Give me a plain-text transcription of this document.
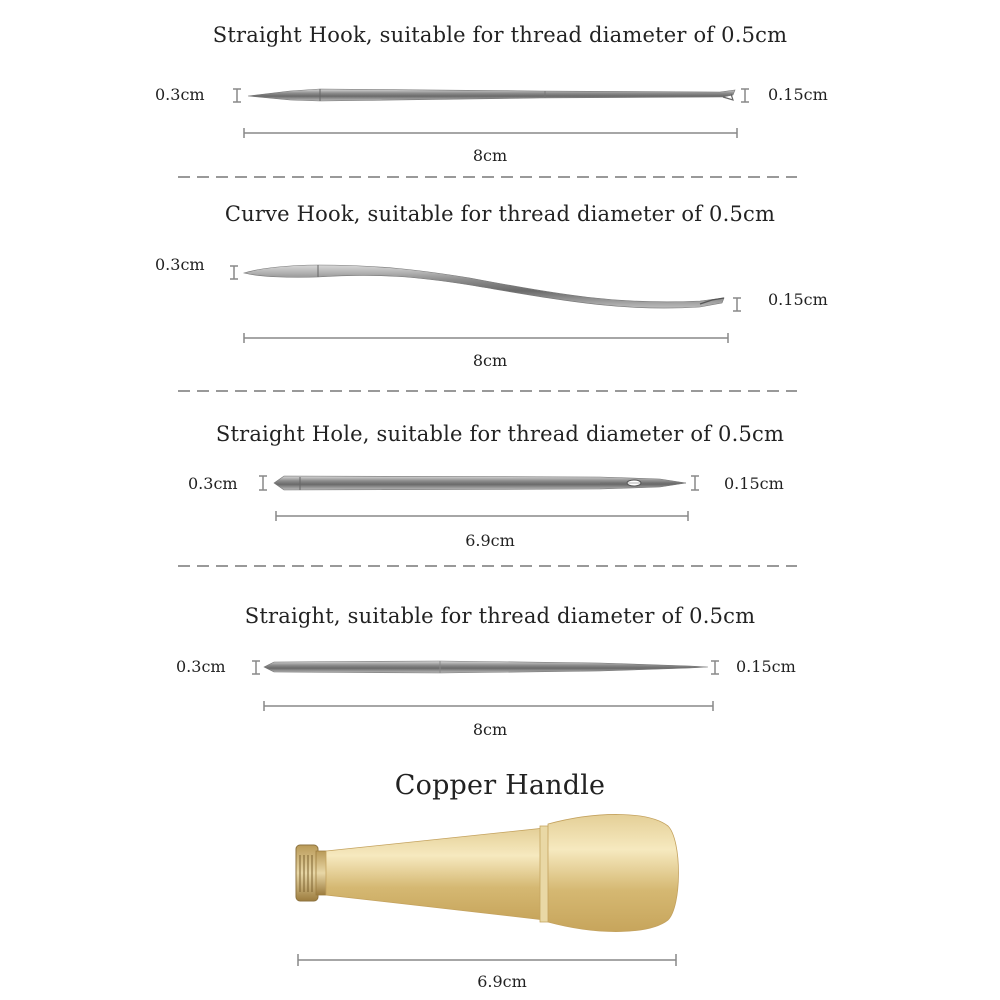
Straight Hook, suitable for thread diameter of 0.5cm
0.3cm	0.15cm
8cm
Curve Hook, suitable for thread diameter of 0.5cm
0.3cm
0.15cm
8cm
Straight Hole, suitable for thread diameter of 0.5cm
0.3cm	0.15cm
6.9cm
Straight, suitable for thread diameter of 0.5cm
0.3cm	0.15cm
8cm
Copper Handle
6.9cm
